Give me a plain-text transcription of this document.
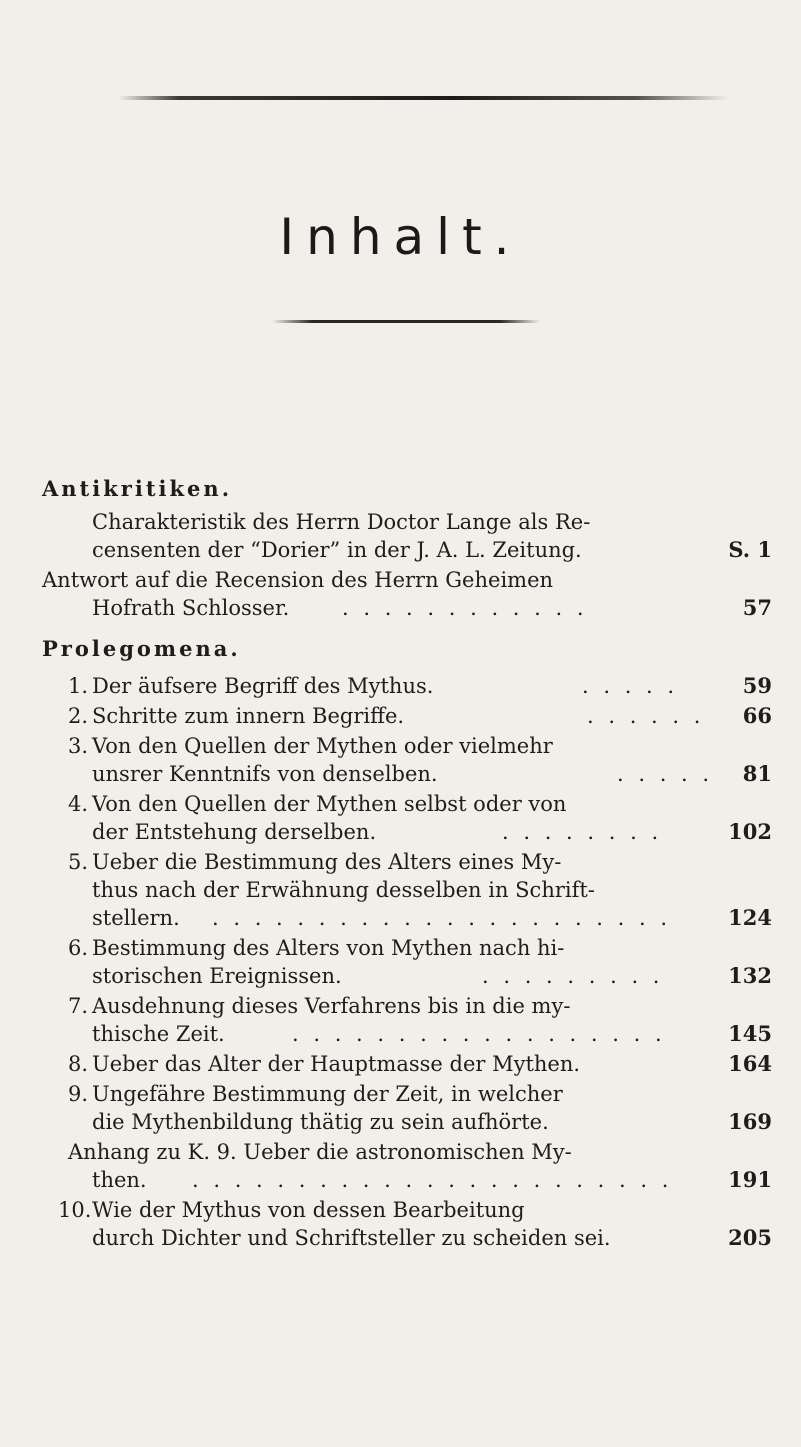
Inhalt.
Antikritiken.
Charakteristik des Herrn Doctor Lange als Re-
censenten der “Dorier” in der J. A. L. Zeitung.	S. 1
Antwort auf die Recension des Herrn Geheimen
Hofrath Schlosser.	. . . . . . . . . . . .	57
Prolegomena.
1. Der äufsere Begriff des Mythus.	. . . . .	59
2. Schritte zum innern Begriffe.	. . . . . . 66
3. Von den Quellen der Mythen oder vielmehr
unsrer Kenntnifs von denselben.	. . . . . 81
4. Von den Quellen der Mythen selbst oder von
der Entstehung derselben.	. . . . . . . .	102
5. Ueber die Bestimmung des Alters eines My-
thus nach der Erwähnung desselben in Schrift-
stellern. . . . . . . . . . . . . . . . . . . . . . .	124
6. Bestimmung des Alters von Mythen nach hi-
storischen Ereignissen.	. . . . . . . . .	132
7. Ausdehnung dieses Verfahrens bis in die my-
thische Zeit.	. . . . . . . . . . . . . . . . . .	145
8. Ueber das Alter der Hauptmasse der Mythen.	164
9. Ungefähre Bestimmung der Zeit, in welcher
die Mythenbildung thätig zu sein aufhörte.	169
Anhang zu K. 9. Ueber die astronomischen My-
then. . . . . . . . . . . . . . . . . . . . . . . .	191
10. Wie der Mythus von dessen Bearbeitung
durch Dichter und Schriftsteller zu scheiden sei.	205
